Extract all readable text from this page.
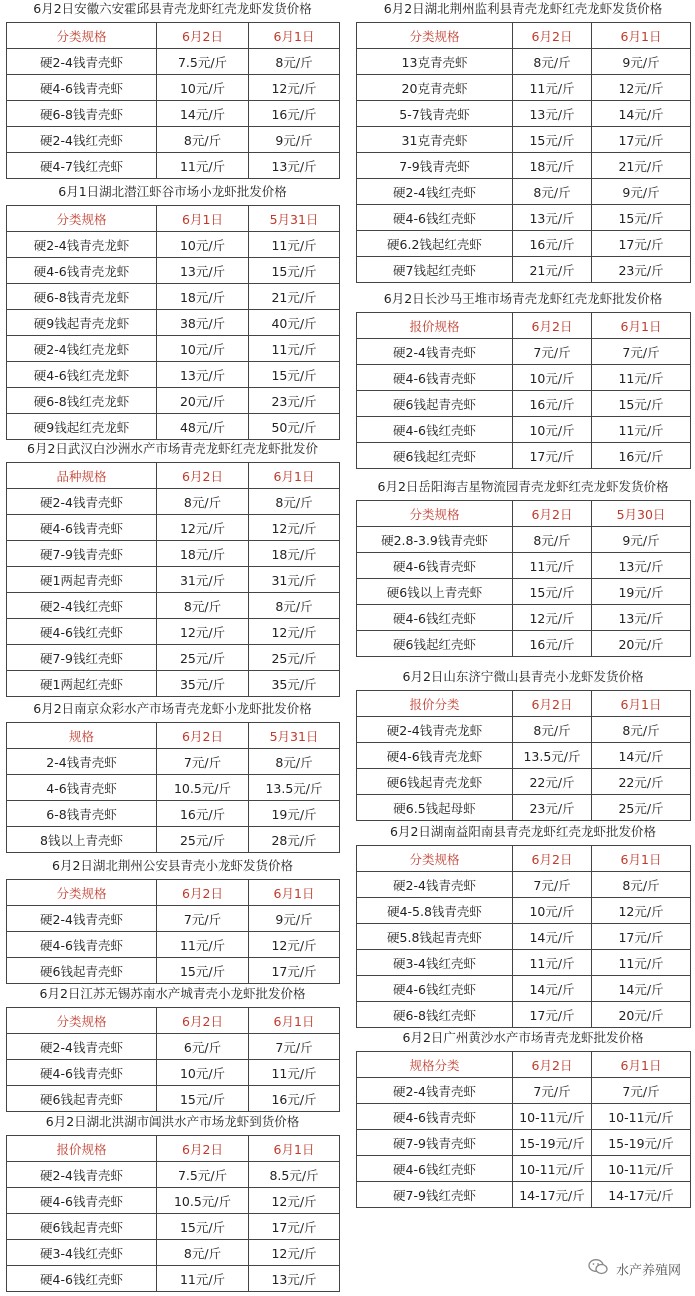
6月2日安徽六安霍邱县青壳龙虾红壳龙虾发货价格
分类规格	6月2日	6月1日
硬2-4钱青壳虾	7.5元/斤	8元/斤
硬4-6钱青壳虾	10元/斤	12元/斤
硬6-8钱青壳虾	14元/斤	16元/斤
硬2-4钱红壳虾	8元/斤	9元/斤
硬4-7钱红壳虾	11元/斤	13元/斤
6月1日湖北潜江虾谷市场小龙虾批发价格
分类规格	6月1日	5月31日
硬2-4钱青壳龙虾	10元/斤	11元/斤
硬4-6钱青壳龙虾	13元/斤	15元/斤
硬6-8钱青壳龙虾	18元/斤	21元/斤
硬9钱起青壳龙虾	38元/斤	40元/斤
硬2-4钱红壳龙虾	10元/斤	11元/斤
硬4-6钱红壳龙虾	13元/斤	15元/斤
硬6-8钱红壳龙虾	20元/斤	23元/斤
硬9钱起红壳龙虾	48元/斤	50元/斤
6月2日武汉白沙洲水产市场青壳龙虾红壳龙虾批发价
品种规格	6月2日	6月1日
硬2-4钱青壳虾	8元/斤	8元/斤
硬4-6钱青壳虾	12元/斤	12元/斤
硬7-9钱青壳虾	18元/斤	18元/斤
硬1两起青壳虾	31元/斤	31元/斤
硬2-4钱红壳虾	8元/斤	8元/斤
硬4-6钱红壳虾	12元/斤	12元/斤
硬7-9钱红壳虾	25元/斤	25元/斤
硬1两起红壳虾	35元/斤	35元/斤
6月2日南京众彩水产市场青壳龙虾小龙虾批发价格
规格	6月2日	5月31日
2-4钱青壳虾	7元/斤	8元/斤
4-6钱青壳虾	10.5元/斤	13.5元/斤
6-8钱青壳虾	16元/斤	19元/斤
8钱以上青壳虾	25元/斤	28元/斤
6月2日湖北荆州公安县青壳小龙虾发货价格
分类规格	6月2日	6月1日
硬2-4钱青壳虾	7元/斤	9元/斤
硬4-6钱青壳虾	11元/斤	12元/斤
硬6钱起青壳虾	15元/斤	17元/斤
6月2日江苏无锡苏南水产城青壳小龙虾批发价格
分类规格	6月2日	6月1日
硬2-4钱青壳虾	6元/斤	7元/斤
硬4-6钱青壳虾	10元/斤	11元/斤
硬6钱起青壳虾	15元/斤	16元/斤
6月2日湖北洪湖市阊洪水产市场龙虾到货价格
报价规格	6月2日	6月1日
硬2-4钱青壳虾	7.5元/斤	8.5元/斤
硬4-6钱青壳虾	10.5元/斤	12元/斤
硬6钱起青壳虾	15元/斤	17元/斤
硬3-4钱红壳虾	8元/斤	12元/斤
硬4-6钱红壳虾	11元/斤	13元/斤
6月2日湖北荆州监利县青壳龙虾红壳龙虾发货价格
分类规格	6月2日	6月1日
13克青壳虾	8元/斤	9元/斤
20克青壳虾	11元/斤	12元/斤
5-7钱青壳虾	13元/斤	14元/斤
31克青壳虾	15元/斤	17元/斤
7-9钱青壳虾	18元/斤	21元/斤
硬2-4钱红壳虾	8元/斤	9元/斤
硬4-6钱红壳虾	13元/斤	15元/斤
硬6.2钱起红壳虾	16元/斤	17元/斤
硬7钱起红壳虾	21元/斤	23元/斤
6月2日长沙马王堆市场青壳龙虾红壳龙虾批发价格
报价规格	6月2日	6月1日
硬2-4钱青壳虾	7元/斤	7元/斤
硬4-6钱青壳虾	10元/斤	11元/斤
硬6钱起青壳虾	16元/斤	15元/斤
硬4-6钱红壳虾	10元/斤	11元/斤
硬6钱起红壳虾	17元/斤	16元/斤
6月2日岳阳海吉星物流园青壳龙虾红壳龙虾发货价格
分类规格	6月2日	5月30日
硬2.8-3.9钱青壳虾	8元/斤	9元/斤
硬4-6钱青壳虾	11元/斤	13元/斤
硬6钱以上青壳虾	15元/斤	19元/斤
硬4-6钱红壳虾	12元/斤	13元/斤
硬6钱起红壳虾	16元/斤	20元/斤
6月2日山东济宁微山县青壳小龙虾发货价格
报价分类	6月2日	6月1日
硬2-4钱青壳龙虾	8元/斤	8元/斤
硬4-6钱青壳龙虾	13.5元/斤	14元/斤
硬6钱起青壳龙虾	22元/斤	22元/斤
硬6.5钱起母虾	23元/斤	25元/斤
6月2日湖南益阳南县青壳龙虾红壳龙虾批发价格
分类规格	6月2日	6月1日
硬2-4钱青壳虾	7元/斤	8元/斤
硬4-5.8钱青壳虾	10元/斤	12元/斤
硬5.8钱起青壳虾	14元/斤	17元/斤
硬3-4钱红壳虾	11元/斤	11元/斤
硬4-6钱红壳虾	14元/斤	14元/斤
硬6-8钱红壳虾	17元/斤	20元/斤
6月2日广州黄沙水产市场青壳龙虾批发价格
规格分类	6月2日	6月1日
硬2-4钱青壳虾	7元/斤	7元/斤
硬4-6钱青壳虾	10-11元/斤	10-11元/斤
硬7-9钱青壳虾	15-19元/斤	15-19元/斤
硬4-6钱红壳虾	10-11元/斤	10-11元/斤
硬7-9钱红壳虾	14-17元/斤	14-17元/斤
水产养殖网
